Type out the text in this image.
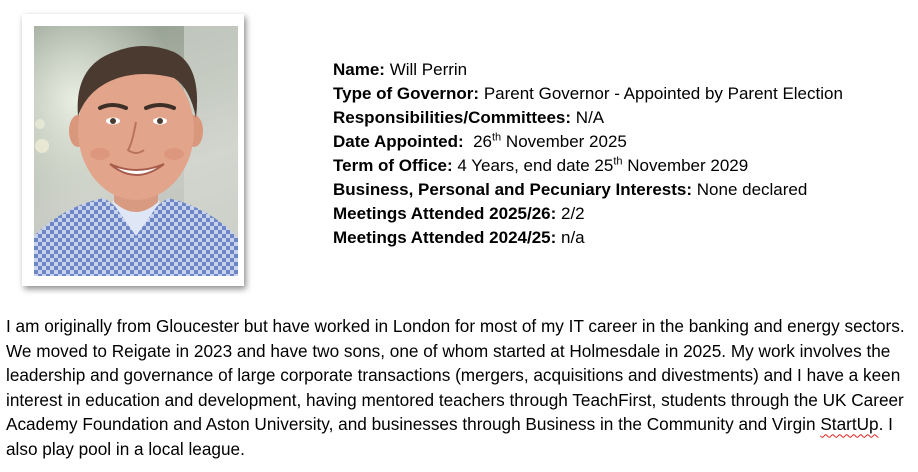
Name: Will Perrin
Type of Governor: Parent Governor - Appointed by Parent Election
Responsibilities/Committees: N/A
Date Appointed:  26th November 2025
Term of Office: 4 Years, end date 25th November 2029
Business, Personal and Pecuniary Interests: None declared
Meetings Attended 2025/26: 2/2
Meetings Attended 2024/25: n/a

I am originally from Gloucester but have worked in London for most of my IT career in the banking and energy sectors. We moved to Reigate in 2023 and have two sons, one of whom started at Holmesdale in 2025. My work involves the leadership and governance of large corporate transactions (mergers, acquisitions and divestments) and I have a keen interest in education and development, having mentored teachers through TeachFirst, students through the UK Career Academy Foundation and Aston University, and businesses through Business in the Community and Virgin StartUp. I also play pool in a local league.
